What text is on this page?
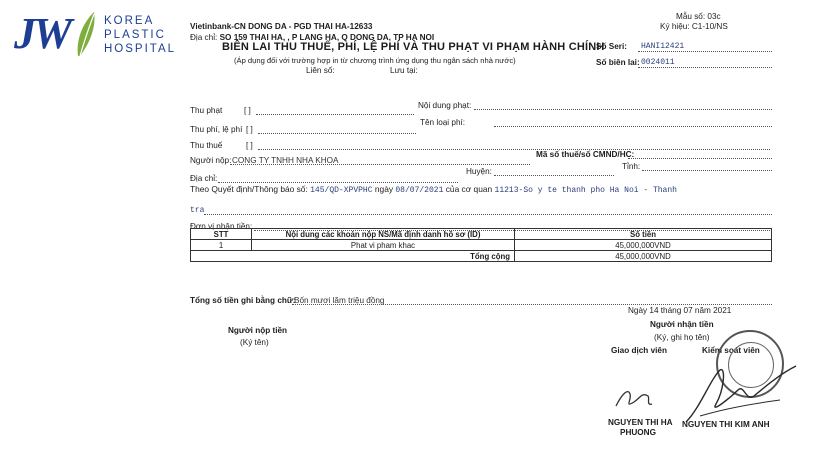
JW	KOREA
PLASTIC
HOSPITAL
Vietinbank-CN DONG DA - PGD THAI HA-12633
Địa chỉ: SO 159 THAI HA, , P LANG HA, Q DONG DA, TP HA NOI
Mẫu số: 03c
Ký hiệu: C1-10/NS
BIÊN LAI THU THUẾ, PHÍ, LỆ PHÍ VÀ THU PHẠT VI PHẠM HÀNH CHÍNH
(Áp dụng đối với trường hợp in từ chương trình ứng dụng thu ngân sách nhà nước)
Liên số:	Lưu tại:
Số Seri: HANI12421
Số biên lai: 0024011
Thu phạt	[ ]
Nội dung phạt:
Thu phí, lệ phí [ ]
Tên loại phí:
Thu thuế	[ ]
Người nộp: CONG TY TNHH NHA KHOA
Mã số thuế/số CMND/HC:
Huyện:
Tỉnh:
Địa chỉ:
Theo Quyết định/Thông báo số: 145/QD-XPVPHC ngày 08/07/2021 của cơ quan 11213-So y te thanh pho Ha Noi - Thanh
tra
Đơn vị nhận tiền:
STT	Nội dung các khoản nộp NS/Mã định danh hồ sơ (ID)	Số tiền
1	Phat vi pham khac	45,000,000VND
Tổng cộng		45,000,000VND
Tổng số tiền ghi bằng chữ:
Bốn mươi lăm triệu đồng
Ngày 14 tháng 07 năm 2021
Người nộp tiền
(Ký tên)
Người nhận tiền
(Ký, ghi họ tên)
Giao dịch viên	Kiểm soát viên
NGUYEN THI HA
PHUONG
NGUYEN THI KIM ANH
